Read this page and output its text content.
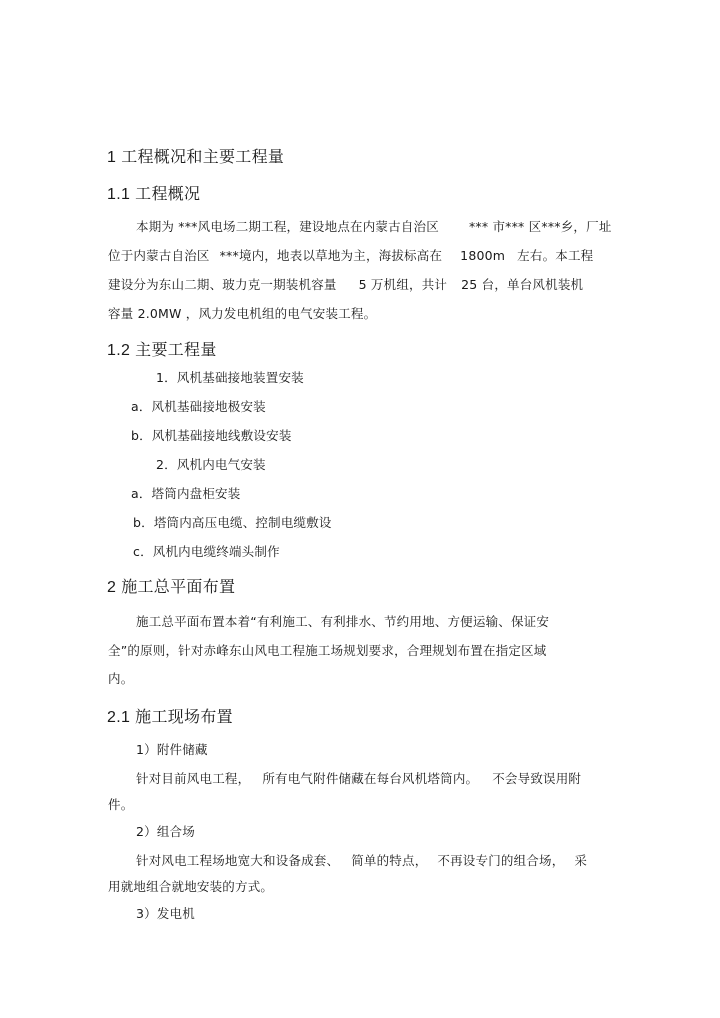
1 工程概况和主要工程量
1.1 工程概况
本期为 ***风电场二期工程，建设地点在内蒙古自治区 *** 市*** 区***乡，厂址
位于内蒙古自治区 ***境内，地表以草地为主，海拔标高在 1800m 左右。本工程
建设分为东山二期、玻力克一期装机容量 5 万机组，共计 25 台，单台风机装机
容量 2.0MW ，风力发电机组的电气安装工程。
1.2 主要工程量
1．风机基础接地装置安装
a．风机基础接地极安装
b．风机基础接地线敷设安装
2．风机内电气安装
a．塔筒内盘柜安装
b．塔筒内高压电缆、控制电缆敷设
c．风机内电缆终端头制作
2 施工总平面布置
施工总平面布置本着“有利施工、有利排水、节约用地、方便运输、保证安
全”的原则，针对赤峰东山风电工程施工场规划要求，合理规划布置在指定区域
内。
2.1 施工现场布置
1）附件储藏
针对目前风电工程， 所有电气附件储藏在每台风机塔筒内。 不会导致误用附
件。
2）组合场
针对风电工程场地宽大和设备成套、 简单的特点， 不再设专门的组合场， 采
用就地组合就地安装的方式。
3）发电机
